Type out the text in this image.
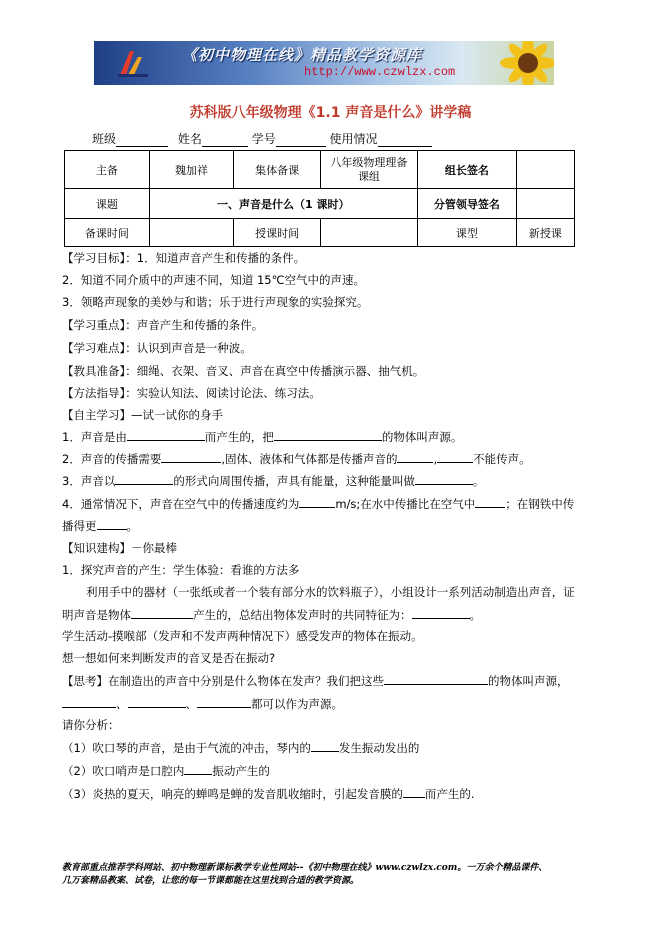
《初中物理在线》精品教学资源库
http://www.czwlzx.com
苏科版八年级物理《1.1 声音是什么》讲学稿
班级	姓名	学号	使用情况
主备	魏加祥	集体备课	八年级物理理备课组	组长签名	
课题	一、声音是什么（1 课时）			分管领导签名	
备课时间		授课时间		课型	新授课
【学习目标】：1．知道声音产生和传播的条件。
2．知道不同介质中的声速不同，知道 15℃空气中的声速。
3．领略声现象的美妙与和谐；乐于进行声现象的实验探究。
【学习重点】：声音产生和传播的条件。
【学习难点】：认识到声音是一种波。
【教具准备】：细绳、衣架、音叉、声音在真空中传播演示器、抽气机。
【方法指导】：实验认知法、阅读讨论法、练习法。
【自主学习】—试一试你的身手
1．声音是由	而产生的，把	的物体叫声源。
2．声音的传播需要	,固体、液体和气体都是传播声音的	,	不能传声。
3．声音以	的形式向周围传播，声具有能量，这种能量叫做	。
4．通常情况下，声音在空气中的传播速度约为	m/s;在水中传播比在空气中	；在钢铁中传
播得更	。
【知识建构】－你最棒
1．探究声音的产生：学生体验：看谁的方法多
利用手中的器材（一张纸或者一个装有部分水的饮料瓶子），小组设计一系列活动制造出声音，证
明声音是物体	产生的，总结出物体发声时的共同特征为：	。
学生活动-摸喉部（发声和不发声两种情况下）感受发声的物体在振动。
想一想如何来判断发声的音叉是否在振动?
【思考】在制造出的声音中分别是什么物体在发声？我们把这些	的物体叫声源，
、	、	都可以作为声源。
请你分析：
（1）吹口琴的声音，是由于气流的冲击，琴内的 发生振动发出的
（2）吹口哨声是口腔内 振动产生的
（3）炎热的夏天，响亮的蝉鸣是蝉的发音肌收缩时，引起发音膜的 而产生的.
教育部重点推荐学科网站、初中物理新课标教学专业性网站--《初中物理在线》www.czwlzx.com。一万余个精品课件、
几万套精品教案、试卷，让您的每一节课都能在这里找到合适的教学资源。
